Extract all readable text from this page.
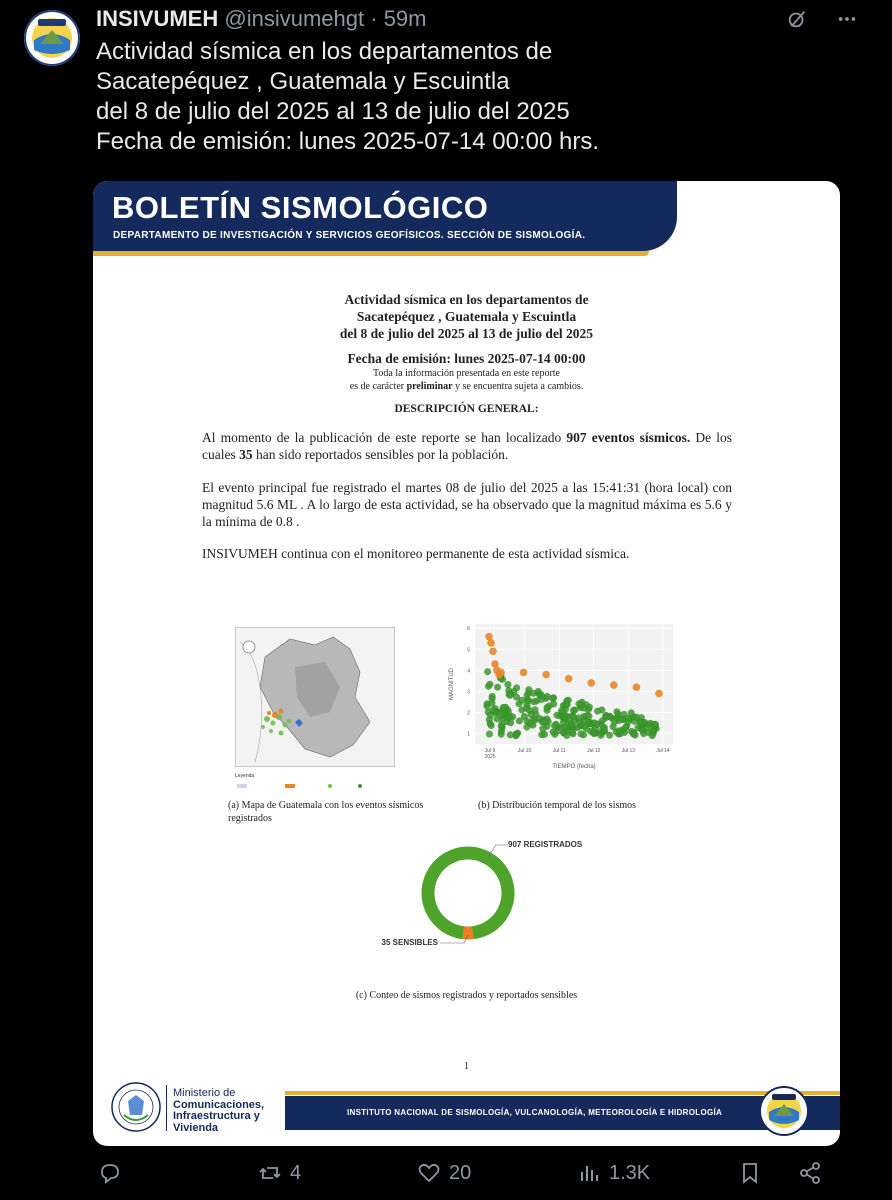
INSIVUMEH @insivumehgt · 59m
Actividad sísmica en los departamentos de
Sacatepéquez , Guatemala y Escuintla
del 8 de julio del 2025 al 13 de julio del 2025
Fecha de emisión: lunes 2025-07-14 00:00 hrs.
BOLETÍN SISMOLÓGICO
DEPARTAMENTO DE INVESTIGACIÓN Y SERVICIOS GEOFÍSICOS. SECCIÓN DE SISMOLOGÍA.
Actividad sísmica en los departamentos de
Sacatepéquez , Guatemala y Escuintla
del 8 de julio del 2025 al 13 de julio del 2025
Fecha de emisión: lunes 2025-07-14 00:00
Toda la información presentada en este reporte
es de carácter preliminar y se encuentra sujeta a cambios.
DESCRIPCIÓN GENERAL:
Al momento de la publicación de este reporte se han localizado 907 eventos sísmicos. De los cuales 35 han sido reportados sensibles por la población.
El evento principal fue registrado el martes 08 de julio del 2025 a las 15:41:31 (hora local) con magnitud 5.6 ML . A lo largo de esta actividad, se ha observado que la magnitud máxima es 5.6 y la mínima de 0.8 .
INSIVUMEH continua con el monitoreo permanente de esta actividad sísmica.
Leyenda
(a) Mapa de Guatemala con los eventos sísmicos registrados
1
2
3
4
5
6
Jul 9
2025
Jul 10	Jul 11	Jul 12	Jul 13	Jul 14
TIEMPO (fecha)
MAGNITUD
(b) Distribución temporal de los sismos
907 REGISTRADOS
35 SENSIBLES
(c) Conteo de sismos registrados y reportados sensibles
1
Ministerio de
Comunicaciones,
Infraestructura y
Vivienda
INSTITUTO NACIONAL DE SISMOLOGÍA, VULCANOLOGÍA, METEOROLOGÍA E HIDROLOGÍA
4	20	1.3K
